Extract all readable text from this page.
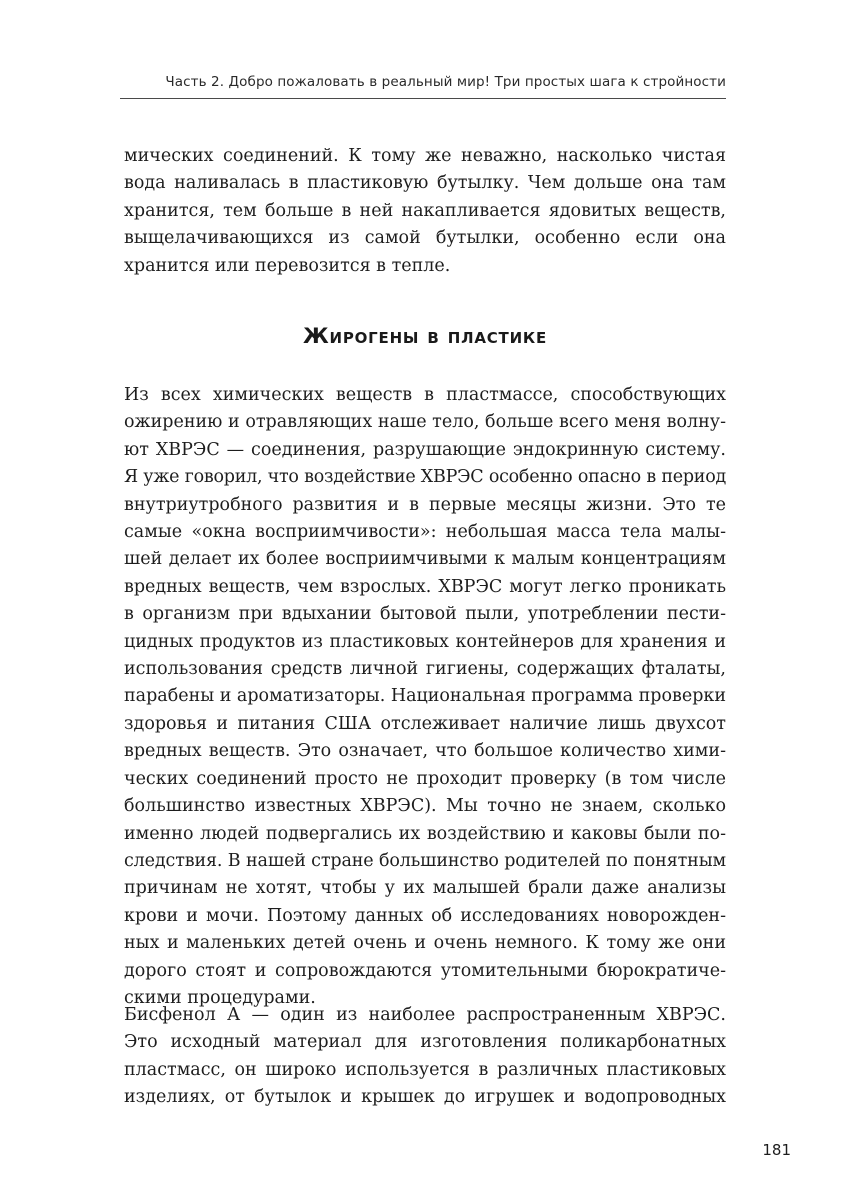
Часть 2. Добро пожаловать в реальный мир! Три простых шага к стройности

мических соединений. К тому же неважно, насколько чистая
вода наливалась в пластиковую бутылку. Чем дольше она там
хранится, тем больше в ней накапливается ядовитых веществ,
выщелачивающихся из самой бутылки, особенно если она
хранится или перевозится в тепле.

Жирогены в пластике

Из всех химических веществ в пластмассе, способствующих
ожирению и отравляющих наше тело, больше всего меня волну-
ют ХВРЭС — соединения, разрушающие эндокринную систему.
Я уже говорил, что воздействие ХВРЭС особенно опасно в период
внутриутробного развития и в первые месяцы жизни. Это те
самые «окна восприимчивости»: небольшая масса тела малы-
шей делает их более восприимчивыми к малым концентрациям
вредных веществ, чем взрослых. ХВРЭС могут легко проникать
в организм при вдыхании бытовой пыли, употреблении пести-
цидных продуктов из пластиковых контейнеров для хранения и
использования средств личной гигиены, содержащих фталаты,
парабены и ароматизаторы. Национальная программа проверки
здоровья и питания США отслеживает наличие лишь двухсот
вредных веществ. Это означает, что большое количество хими-
ческих соединений просто не проходит проверку (в том числе
большинство известных ХВРЭС). Мы точно не знаем, сколько
именно людей подвергались их воздействию и каковы были по-
следствия. В нашей стране большинство родителей по понятным
причинам не хотят, чтобы у их малышей брали даже анализы
крови и мочи. Поэтому данных об исследованиях новорожден-
ных и маленьких детей очень и очень немного. К тому же они
дорого стоят и сопровождаются утомительными бюрократиче-
скими процедурами.

Бисфенол А — один из наиболее распространенным ХВРЭС.
Это исходный материал для изготовления поликарбонатных
пластмасс, он широко используется в различных пластиковых
изделиях, от бутылок и крышек до игрушек и водопроводных

181
